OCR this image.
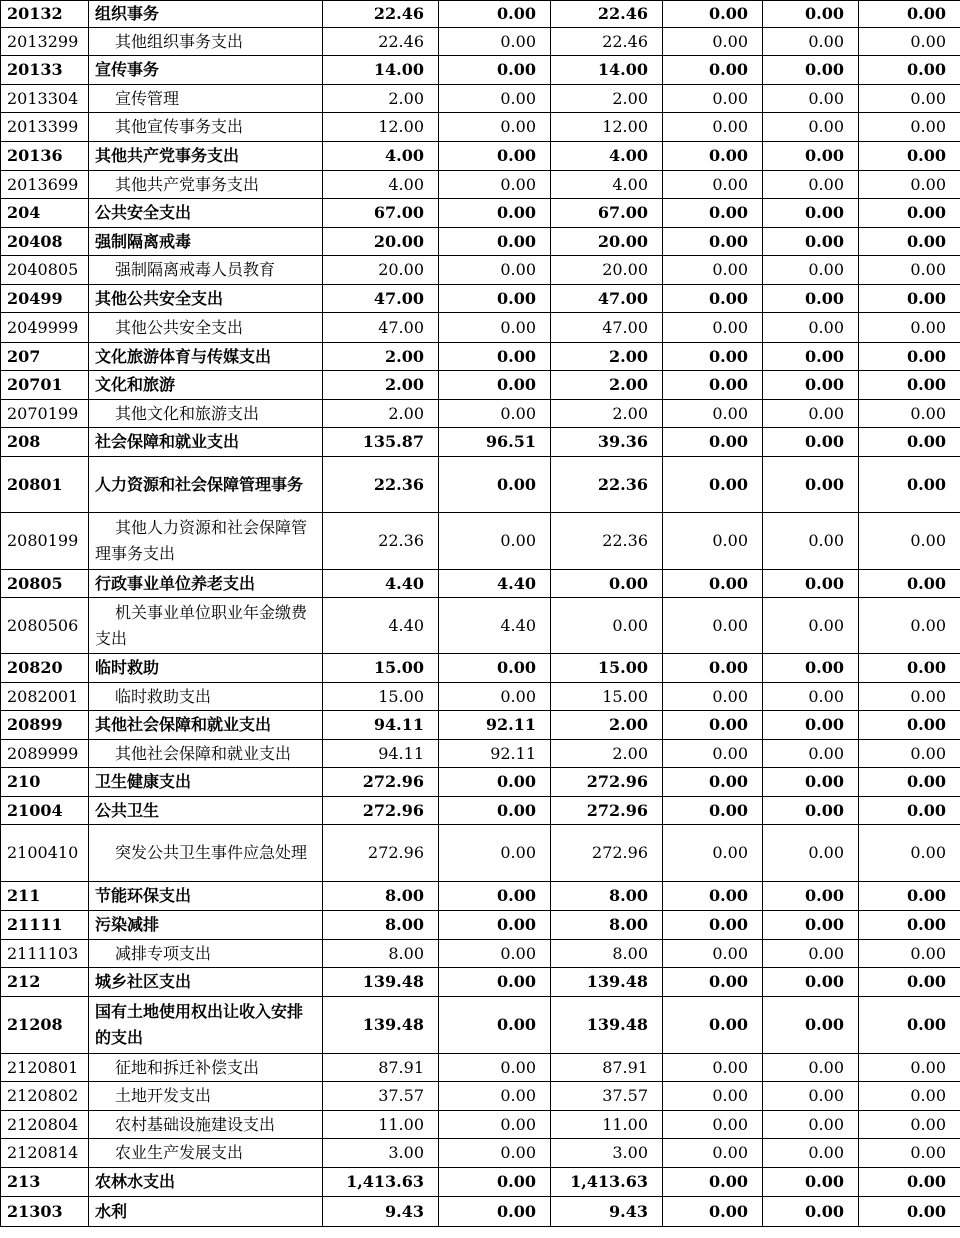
20132	组织事务	22.46	0.00	22.46	0.00	0.00	0.00
2013299	其他组织事务支出	22.46	0.00	22.46	0.00	0.00	0.00
20133	宣传事务	14.00	0.00	14.00	0.00	0.00	0.00
2013304	宣传管理	2.00	0.00	2.00	0.00	0.00	0.00
2013399	其他宣传事务支出	12.00	0.00	12.00	0.00	0.00	0.00
20136	其他共产党事务支出	4.00	0.00	4.00	0.00	0.00	0.00
2013699	其他共产党事务支出	4.00	0.00	4.00	0.00	0.00	0.00
204	公共安全支出	67.00	0.00	67.00	0.00	0.00	0.00
20408	强制隔离戒毒	20.00	0.00	20.00	0.00	0.00	0.00
2040805	强制隔离戒毒人员教育	20.00	0.00	20.00	0.00	0.00	0.00
20499	其他公共安全支出	47.00	0.00	47.00	0.00	0.00	0.00
2049999	其他公共安全支出	47.00	0.00	47.00	0.00	0.00	0.00
207	文化旅游体育与传媒支出	2.00	0.00	2.00	0.00	0.00	0.00
20701	文化和旅游	2.00	0.00	2.00	0.00	0.00	0.00
2070199	其他文化和旅游支出	2.00	0.00	2.00	0.00	0.00	0.00
208	社会保障和就业支出	135.87	96.51	39.36	0.00	0.00	0.00
20801	人力资源和社会保障管理事务	22.36	0.00	22.36	0.00	0.00	0.00
2080199	其他人力资源和社会保障管理事务支出	22.36	0.00	22.36	0.00	0.00	0.00
20805	行政事业单位养老支出	4.40	4.40	0.00	0.00	0.00	0.00
2080506	机关事业单位职业年金缴费支出	4.40	4.40	0.00	0.00	0.00	0.00
20820	临时救助	15.00	0.00	15.00	0.00	0.00	0.00
2082001	临时救助支出	15.00	0.00	15.00	0.00	0.00	0.00
20899	其他社会保障和就业支出	94.11	92.11	2.00	0.00	0.00	0.00
2089999	其他社会保障和就业支出	94.11	92.11	2.00	0.00	0.00	0.00
210	卫生健康支出	272.96	0.00	272.96	0.00	0.00	0.00
21004	公共卫生	272.96	0.00	272.96	0.00	0.00	0.00
2100410	突发公共卫生事件应急处理	272.96	0.00	272.96	0.00	0.00	0.00
211	节能环保支出	8.00	0.00	8.00	0.00	0.00	0.00
21111	污染减排	8.00	0.00	8.00	0.00	0.00	0.00
2111103	减排专项支出	8.00	0.00	8.00	0.00	0.00	0.00
212	城乡社区支出	139.48	0.00	139.48	0.00	0.00	0.00
21208	国有土地使用权出让收入安排的支出	139.48	0.00	139.48	0.00	0.00	0.00
2120801	征地和拆迁补偿支出	87.91	0.00	87.91	0.00	0.00	0.00
2120802	土地开发支出	37.57	0.00	37.57	0.00	0.00	0.00
2120804	农村基础设施建设支出	11.00	0.00	11.00	0.00	0.00	0.00
2120814	农业生产发展支出	3.00	0.00	3.00	0.00	0.00	0.00
213	农林水支出	1,413.63	0.00	1,413.63	0.00	0.00	0.00
21303	水利	9.43	0.00	9.43	0.00	0.00	0.00
